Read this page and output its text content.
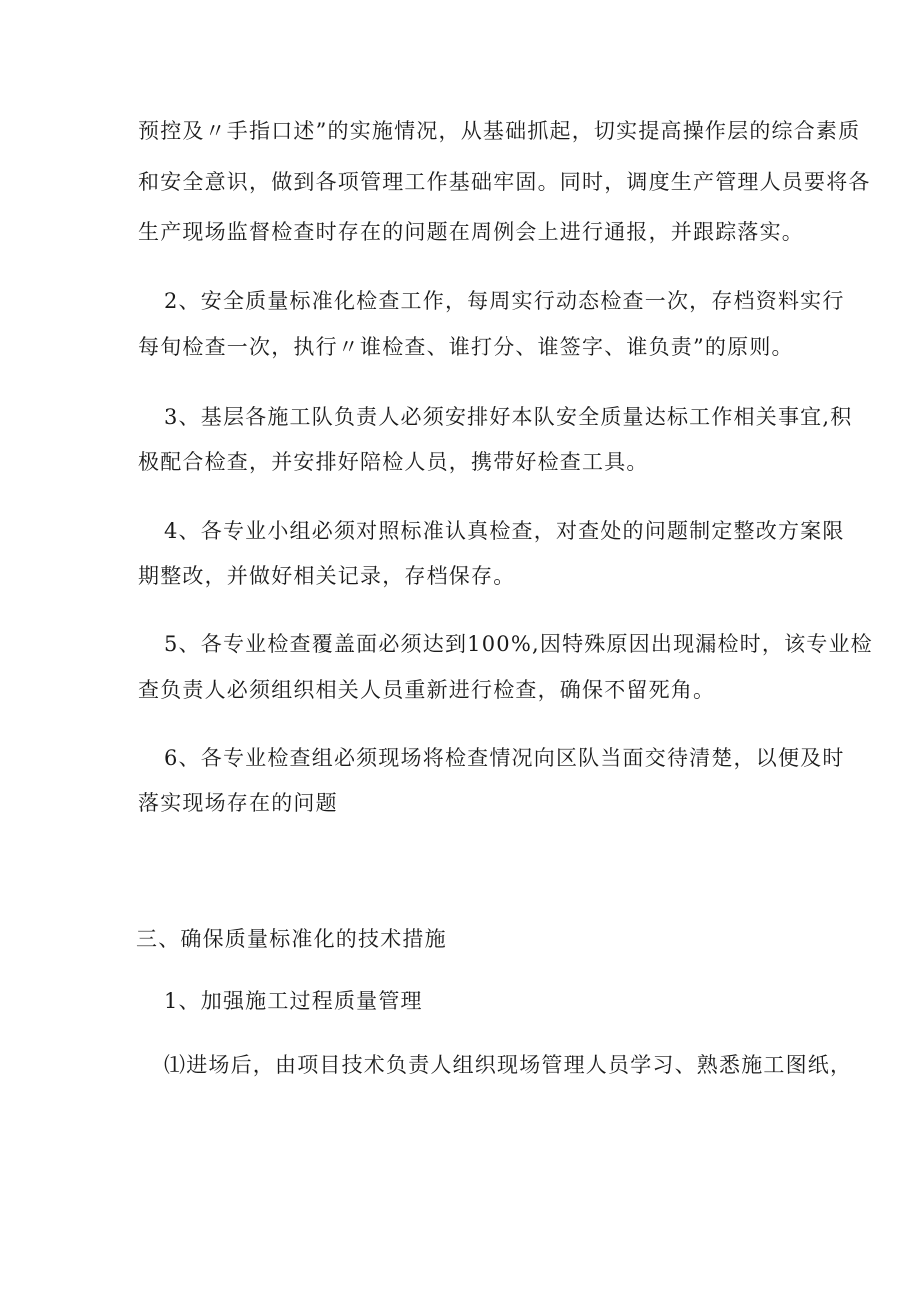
预控及〃手指口述”的实施情况，从基础抓起，切实提高操作层的综合素质
和安全意识，做到各项管理工作基础牢固。同时，调度生产管理人员要将各
生产现场监督检查时存在的问题在周例会上进行通报，并跟踪落实。
2、安全质量标准化检查工作，每周实行动态检查一次，存档资料实行
每旬检查一次，执行〃谁检查、谁打分、谁签字、谁负责”的原则。
3、基层各施工队负责人必须安排好本队安全质量达标工作相关事宜,积
极配合检查，并安排好陪检人员，携带好检查工具。
4、各专业小组必须对照标准认真检查，对查处的问题制定整改方案限
期整改，并做好相关记录，存档保存。
5、各专业检查覆盖面必须达到100%,因特殊原因出现漏检时，该专业检
查负责人必须组织相关人员重新进行检查，确保不留死角。
6、各专业检查组必须现场将检查情况向区队当面交待清楚，以便及时
落实现场存在的问题
三、确保质量标准化的技术措施
1、加强施工过程质量管理
⑴进场后，由项目技术负责人组织现场管理人员学习、熟悉施工图纸，
